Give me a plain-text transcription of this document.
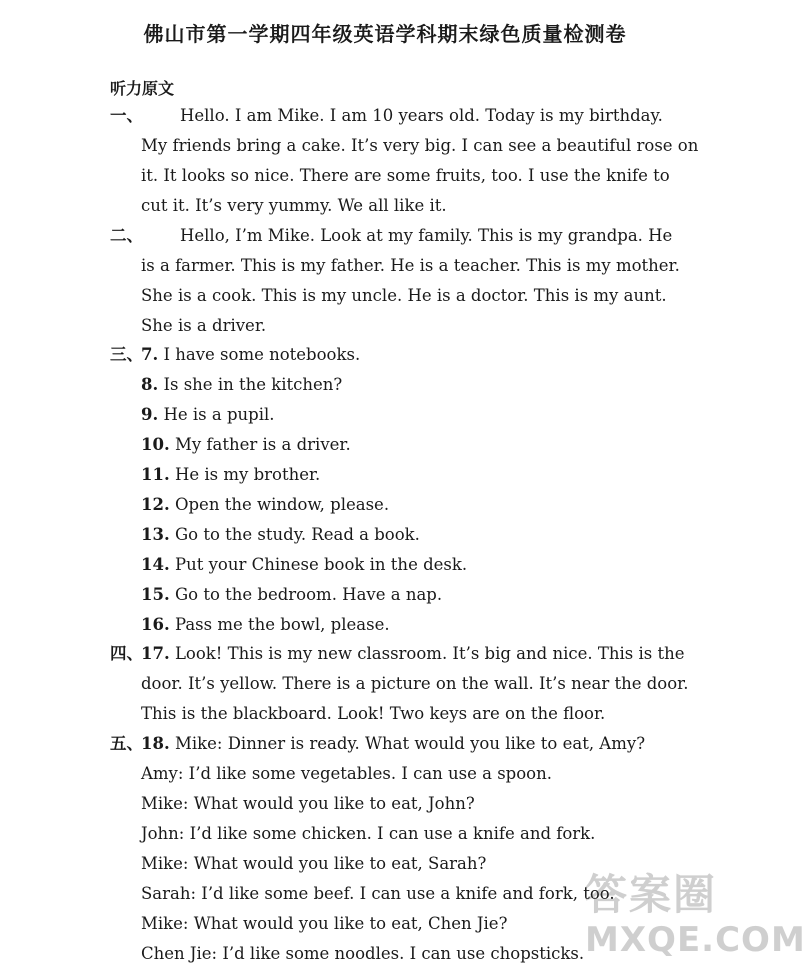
佛山市第一学期四年级英语学科期末绿色质量检测卷
听力原文
一、 Hello. I am Mike. I am 10 years old. Today is my birthday.
My friends bring a cake. It’s very big. I can see a beautiful rose on
it. It looks so nice. There are some fruits, too. I use the knife to
cut it. It’s very yummy. We all like it.
二、 Hello, I’m Mike. Look at my family. This is my grandpa. He
is a farmer. This is my father. He is a teacher. This is my mother.
She is a cook. This is my uncle. He is a doctor. This is my aunt.
She is a driver.
三、
7. I have some notebooks.
8. Is she in the kitchen?
9. He is a pupil.
10. My father is a driver.
11. He is my brother.
12. Open the window, please.
13. Go to the study. Read a book.
14. Put your Chinese book in the desk.
15. Go to the bedroom. Have a nap.
16. Pass me the bowl, please.
四、
17. Look! This is my new classroom. It’s big and nice. This is the
door. It’s yellow. There is a picture on the wall. It’s near the door.
This is the blackboard. Look! Two keys are on the floor.
五、
18. Mike: Dinner is ready. What would you like to eat, Amy?
Amy: I’d like some vegetables. I can use a spoon.
Mike: What would you like to eat, John?
John: I’d like some chicken. I can use a knife and fork.
Mike: What would you like to eat, Sarah?
Sarah: I’d like some beef. I can use a knife and fork, too.
Mike: What would you like to eat, Chen Jie?
Chen Jie: I’d like some noodles. I can use chopsticks.
答案圈
MXQE.COM
